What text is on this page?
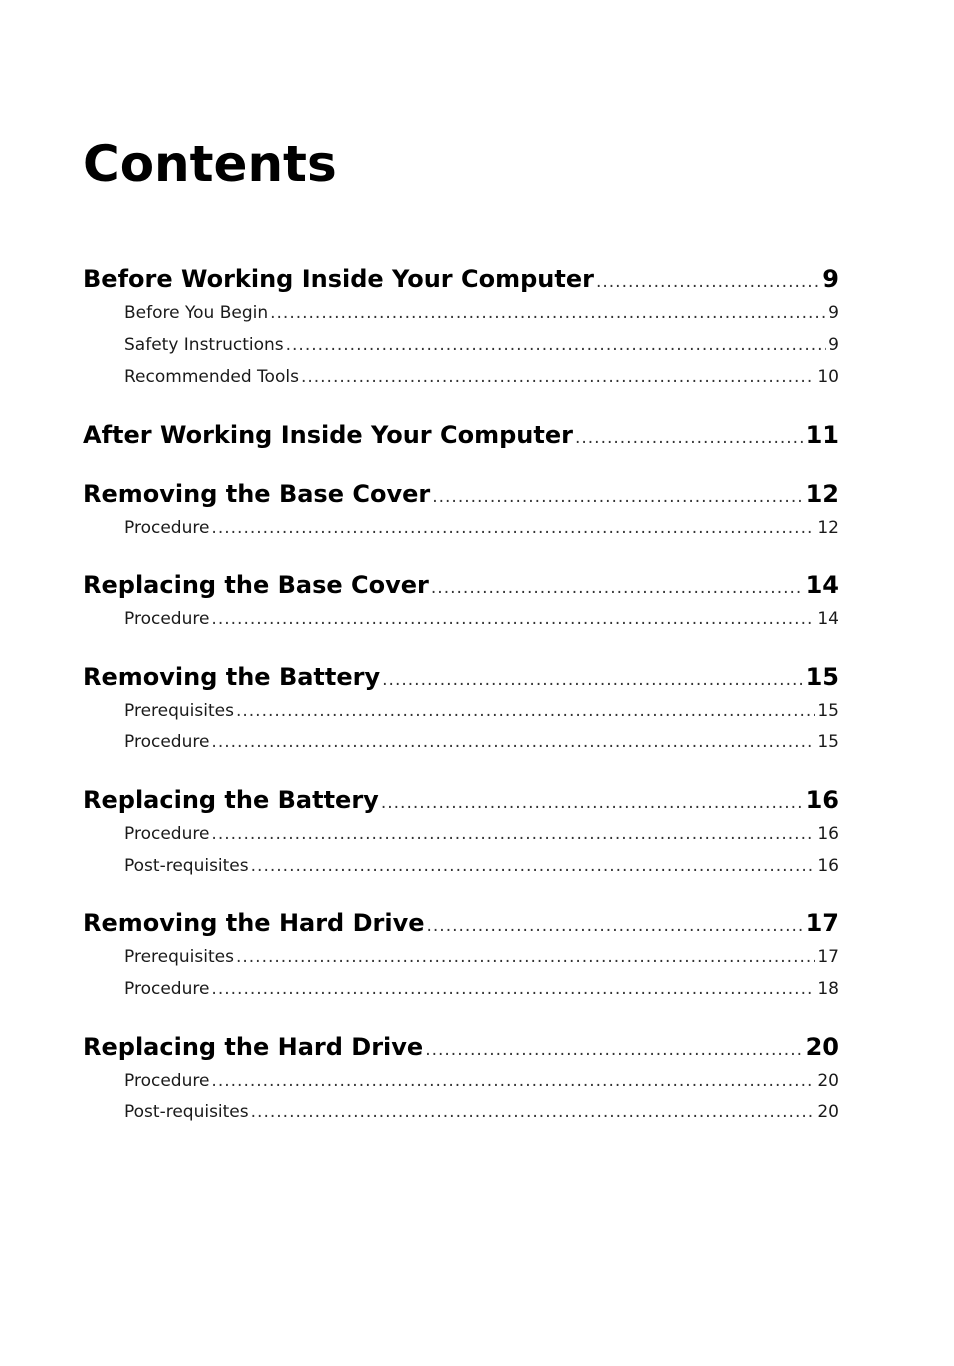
Contents
Before Working Inside Your Computer .....	9
Before You Begin .....	9
Safety Instructions .....	9
Recommended Tools .....	10
After Working Inside Your Computer .....	11
Removing the Base Cover .....	12
Procedure .....	12
Replacing the Base Cover .....	14
Procedure .....	14
Removing the Battery .....	15
Prerequisites .....	15
Procedure .....	15
Replacing the Battery .....	16
Procedure .....	16
Post-requisites .....	16
Removing the Hard Drive .....	17
Prerequisites .....	17
Procedure .....	18
Replacing the Hard Drive .....	20
Procedure .....	20
Post-requisites .....	20
